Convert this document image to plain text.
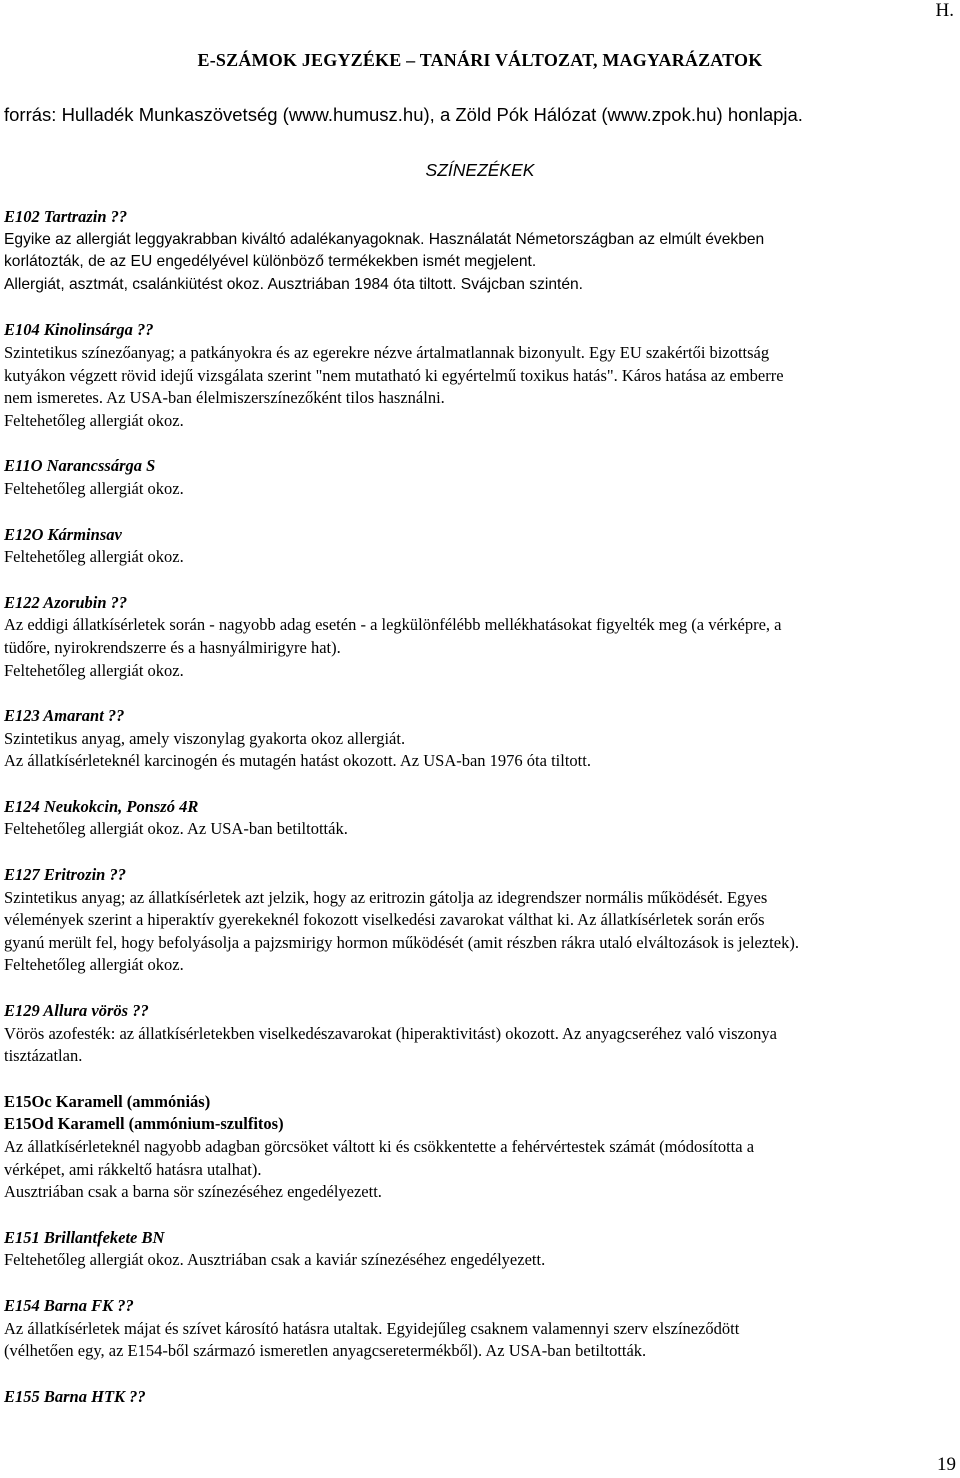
H.
E-SZÁMOK JEGYZÉKE – TANÁRI VÁLTOZAT, MAGYARÁZATOK
forrás: Hulladék Munkaszövetség (www.humusz.hu), a Zöld Pók Hálózat (www.zpok.hu) honlapja.
SZÍNEZÉKEK
E102 Tartrazin ??
Egyike az allergiát leggyakrabban kiváltó adalékanyagoknak. Használatát Németországban az elmúlt években
korlátozták, de az EU engedélyével különböző termékekben ismét megjelent.
Allergiát, asztmát, csalánkiütést okoz. Ausztriában 1984 óta tiltott. Svájcban szintén.
E104 Kinolinsárga ??
Szintetikus színezőanyag; a patkányokra és az egerekre nézve ártalmatlannak bizonyult. Egy EU szakértői bizottság
kutyákon végzett rövid idejű vizsgálata szerint "nem mutatható ki egyértelmű toxikus hatás". Káros hatása az emberre
nem ismeretes. Az USA-ban élelmiszerszínezőként tilos használni.
Feltehetőleg allergiát okoz.
E11O Narancssárga S
Feltehetőleg allergiát okoz.
E12O Kárminsav
Feltehetőleg allergiát okoz.
E122 Azorubin ??
Az eddigi állatkísérletek során - nagyobb adag esetén - a legkülönfélébb mellékhatásokat figyelték meg (a vérképre, a
tüdőre, nyirokrendszerre és a hasnyálmirigyre hat).
Feltehetőleg allergiát okoz.
E123 Amarant ??
Szintetikus anyag, amely viszonylag gyakorta okoz allergiát.
Az állatkísérleteknél karcinogén és mutagén hatást okozott. Az USA-ban 1976 óta tiltott.
E124 Neukokcin, Ponszó 4R
Feltehetőleg allergiát okoz. Az USA-ban betiltották.
E127 Eritrozin ??
Szintetikus anyag; az állatkísérletek azt jelzik, hogy az eritrozin gátolja az idegrendszer normális működését. Egyes
vélemények szerint a hiperaktív gyerekeknél fokozott viselkedési zavarokat válthat ki. Az állatkísérletek során erős
gyanú merült fel, hogy befolyásolja a pajzsmirigy hormon működését (amit részben rákra utaló elváltozások is jeleztek).
Feltehetőleg allergiát okoz.
E129 Allura vörös ??
Vörös azofesték: az állatkísérletekben viselkedészavarokat (hiperaktivitást) okozott. Az anyagcseréhez való viszonya
tisztázatlan.
E15Oc Karamell (ammóniás)
E15Od Karamell (ammónium-szulfitos)
Az állatkísérleteknél nagyobb adagban görcsöket váltott ki és csökkentette a fehérvértestek számát (módosította a
vérképet, ami rákkeltő hatásra utalhat).
Ausztriában csak a barna sör színezéséhez engedélyezett.
E151 Brillantfekete BN
Feltehetőleg allergiát okoz. Ausztriában csak a kaviár színezéséhez engedélyezett.
E154 Barna FK ??
Az állatkísérletek májat és szívet károsító hatásra utaltak. Egyidejűleg csaknem valamennyi szerv elszíneződött
(vélhetően egy, az E154-ből származó ismeretlen anyagcseretermékből). Az USA-ban betiltották.
E155 Barna HTK ??
19
